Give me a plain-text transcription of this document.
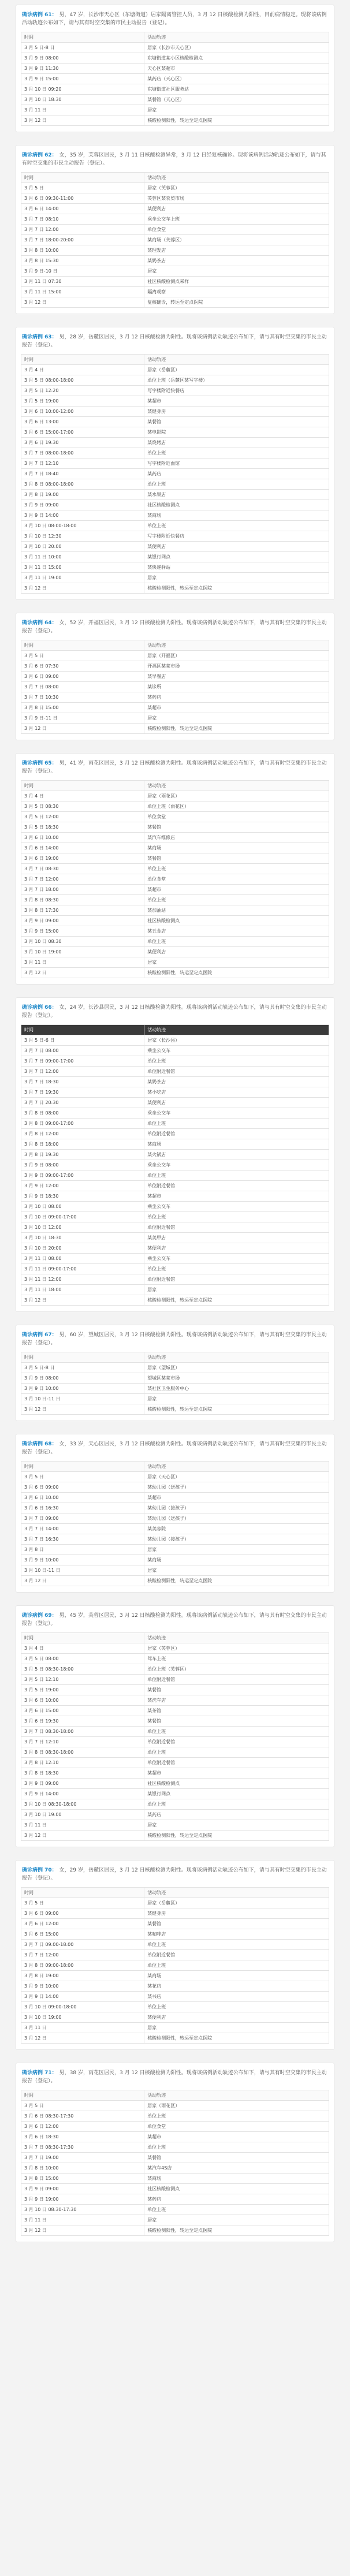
确诊病例 61： 男，47 岁，长沙市天心区（东塘街道）居家隔离管控人员，3 月 12 日核酸检测为阳性，目前病情稳定。现将该病例活动轨迹公布如下，请与其有时空交集的市民主动报告（登记）。
时间	活动轨迹
3 月 5 日-8 日	居家（长沙市天心区）
3 月 9 日 08:00	东塘街道某小区核酸检测点
3 月 9 日 11:30	天心区某超市
3 月 9 日 15:00	某药店（天心区）
3 月 10 日 09:20	东塘街道社区服务站
3 月 10 日 18:30	某餐馆（天心区）
3 月 11 日	居家
3 月 12 日	核酸检测阳性，转运至定点医院
确诊病例 62： 女，35 岁，芙蓉区居民，3 月 11 日核酸检测异常，3 月 12 日经复核确诊。现将该病例活动轨迹公布如下，请与其有时空交集的市民主动报告（登记）。
时间	活动轨迹
3 月 5 日	居家（芙蓉区）
3 月 6 日 09:30-11:00	芙蓉区某农贸市场
3 月 6 日 14:00	某便利店
3 月 7 日 08:10	乘坐公交车上班
3 月 7 日 12:00	单位食堂
3 月 7 日 18:00-20:00	某商场（芙蓉区）
3 月 8 日 10:00	某理发店
3 月 8 日 15:30	某奶茶店
3 月 9 日-10 日	居家
3 月 11 日 07:30	社区核酸检测点采样
3 月 11 日 15:00	隔离观察
3 月 12 日	复核确诊，转运至定点医院
确诊病例 63： 男，28 岁，岳麓区居民，3 月 12 日核酸检测为阳性。现将该病例活动轨迹公布如下，请与其有时空交集的市民主动报告（登记）。
时间	活动轨迹
3 月 4 日	居家（岳麓区）
3 月 5 日 08:00-18:00	单位上班（岳麓区某写字楼）
3 月 5 日 12:20	写字楼附近快餐店
3 月 5 日 19:00	某超市
3 月 6 日 10:00-12:00	某健身房
3 月 6 日 13:00	某餐馆
3 月 6 日 15:00-17:00	某电影院
3 月 6 日 19:30	某烧烤店
3 月 7 日 08:00-18:00	单位上班
3 月 7 日 12:10	写字楼附近面馆
3 月 7 日 18:40	某药店
3 月 8 日 08:00-18:00	单位上班
3 月 8 日 19:00	某水果店
3 月 9 日 09:00	社区核酸检测点
3 月 9 日 14:00	某商场
3 月 10 日 08:00-18:00	单位上班
3 月 10 日 12:30	写字楼附近快餐店
3 月 10 日 20:00	某便利店
3 月 11 日 10:00	某银行网点
3 月 11 日 15:00	某快递驿站
3 月 11 日 19:00	居家
3 月 12 日	核酸检测阳性，转运至定点医院
确诊病例 64： 女，52 岁，开福区居民，3 月 12 日核酸检测为阳性。现将该病例活动轨迹公布如下，请与其有时空交集的市民主动报告（登记）。
时间	活动轨迹
3 月 5 日	居家（开福区）
3 月 6 日 07:30	开福区某菜市场
3 月 6 日 09:00	某早餐店
3 月 7 日 08:00	某诊所
3 月 7 日 10:30	某药店
3 月 8 日 15:00	某超市
3 月 9 日-11 日	居家
3 月 12 日	核酸检测阳性，转运至定点医院
确诊病例 65： 男，41 岁，雨花区居民，3 月 12 日核酸检测为阳性。现将该病例活动轨迹公布如下，请与其有时空交集的市民主动报告（登记）。
时间	活动轨迹
3 月 4 日	居家（雨花区）
3 月 5 日 08:30	单位上班（雨花区）
3 月 5 日 12:00	单位食堂
3 月 5 日 18:30	某餐馆
3 月 6 日 10:00	某汽车维修店
3 月 6 日 14:00	某商场
3 月 6 日 19:00	某餐馆
3 月 7 日 08:30	单位上班
3 月 7 日 12:00	单位食堂
3 月 7 日 18:00	某超市
3 月 8 日 08:30	单位上班
3 月 8 日 17:30	某加油站
3 月 9 日 09:00	社区核酸检测点
3 月 9 日 15:00	某五金店
3 月 10 日 08:30	单位上班
3 月 10 日 19:00	某便利店
3 月 11 日	居家
3 月 12 日	核酸检测阳性，转运至定点医院
确诊病例 66： 女，24 岁，长沙县居民，3 月 12 日核酸检测为阳性。现将该病例活动轨迹公布如下，请与其有时空交集的市民主动报告（登记）。
时间	活动轨迹
3 月 5 日-6 日	居家（长沙县）
3 月 7 日 08:00	乘坐公交车
3 月 7 日 09:00-17:00	单位上班
3 月 7 日 12:00	单位附近餐馆
3 月 7 日 18:30	某奶茶店
3 月 7 日 19:30	某小吃店
3 月 7 日 20:30	某便利店
3 月 8 日 08:00	乘坐公交车
3 月 8 日 09:00-17:00	单位上班
3 月 8 日 12:00	单位附近餐馆
3 月 8 日 18:00	某商场
3 月 8 日 19:30	某火锅店
3 月 9 日 08:00	乘坐公交车
3 月 9 日 09:00-17:00	单位上班
3 月 9 日 12:00	单位附近餐馆
3 月 9 日 18:30	某超市
3 月 10 日 08:00	乘坐公交车
3 月 10 日 09:00-17:00	单位上班
3 月 10 日 12:00	单位附近餐馆
3 月 10 日 18:30	某美甲店
3 月 10 日 20:00	某便利店
3 月 11 日 08:00	乘坐公交车
3 月 11 日 09:00-17:00	单位上班
3 月 11 日 12:00	单位附近餐馆
3 月 11 日 18:00	居家
3 月 12 日	核酸检测阳性，转运至定点医院
确诊病例 67： 男，60 岁，望城区居民，3 月 12 日核酸检测为阳性。现将该病例活动轨迹公布如下，请与其有时空交集的市民主动报告（登记）。
时间	活动轨迹
3 月 5 日-8 日	居家（望城区）
3 月 9 日 08:00	望城区某菜市场
3 月 9 日 10:00	某社区卫生服务中心
3 月 10 日-11 日	居家
3 月 12 日	核酸检测阳性，转运至定点医院
确诊病例 68： 女，33 岁，天心区居民，3 月 12 日核酸检测为阳性。现将该病例活动轨迹公布如下，请与其有时空交集的市民主动报告（登记）。
时间	活动轨迹
3 月 5 日	居家（天心区）
3 月 6 日 09:00	某幼儿园（送孩子）
3 月 6 日 10:00	某超市
3 月 6 日 16:30	某幼儿园（接孩子）
3 月 7 日 09:00	某幼儿园（送孩子）
3 月 7 日 14:00	某美容院
3 月 7 日 16:30	某幼儿园（接孩子）
3 月 8 日	居家
3 月 9 日 10:00	某商场
3 月 10 日-11 日	居家
3 月 12 日	核酸检测阳性，转运至定点医院
确诊病例 69： 男，45 岁，芙蓉区居民，3 月 12 日核酸检测为阳性。现将该病例活动轨迹公布如下，请与其有时空交集的市民主动报告（登记）。
时间	活动轨迹
3 月 4 日	居家（芙蓉区）
3 月 5 日 08:00	驾车上班
3 月 5 日 08:30-18:00	单位上班（芙蓉区）
3 月 5 日 12:10	单位附近餐馆
3 月 5 日 19:00	某餐馆
3 月 6 日 10:00	某洗车店
3 月 6 日 15:00	某茶馆
3 月 6 日 19:30	某餐馆
3 月 7 日 08:30-18:00	单位上班
3 月 7 日 12:10	单位附近餐馆
3 月 8 日 08:30-18:00	单位上班
3 月 8 日 12:10	单位附近餐馆
3 月 8 日 18:30	某超市
3 月 9 日 09:00	社区核酸检测点
3 月 9 日 14:00	某银行网点
3 月 10 日 08:30-18:00	单位上班
3 月 10 日 19:00	某药店
3 月 11 日	居家
3 月 12 日	核酸检测阳性，转运至定点医院
确诊病例 70： 女，29 岁，岳麓区居民，3 月 12 日核酸检测为阳性。现将该病例活动轨迹公布如下，请与其有时空交集的市民主动报告（登记）。
时间	活动轨迹
3 月 5 日	居家（岳麓区）
3 月 6 日 09:00	某健身房
3 月 6 日 12:00	某餐馆
3 月 6 日 15:00	某咖啡店
3 月 7 日 09:00-18:00	单位上班
3 月 7 日 12:00	单位附近餐馆
3 月 8 日 09:00-18:00	单位上班
3 月 8 日 19:00	某商场
3 月 9 日 10:00	某花店
3 月 9 日 14:00	某书店
3 月 10 日 09:00-18:00	单位上班
3 月 10 日 19:00	某便利店
3 月 11 日	居家
3 月 12 日	核酸检测阳性，转运至定点医院
确诊病例 71： 男，38 岁，雨花区居民，3 月 12 日核酸检测为阳性。现将该病例活动轨迹公布如下，请与其有时空交集的市民主动报告（登记）。
时间	活动轨迹
3 月 5 日	居家（雨花区）
3 月 6 日 08:30-17:30	单位上班
3 月 6 日 12:00	单位食堂
3 月 6 日 18:30	某超市
3 月 7 日 08:30-17:30	单位上班
3 月 7 日 19:00	某餐馆
3 月 8 日 10:00	某汽车4S店
3 月 8 日 15:00	某商场
3 月 9 日 09:00	社区核酸检测点
3 月 9 日 19:00	某药店
3 月 10 日 08:30-17:30	单位上班
3 月 11 日	居家
3 月 12 日	核酸检测阳性，转运至定点医院
